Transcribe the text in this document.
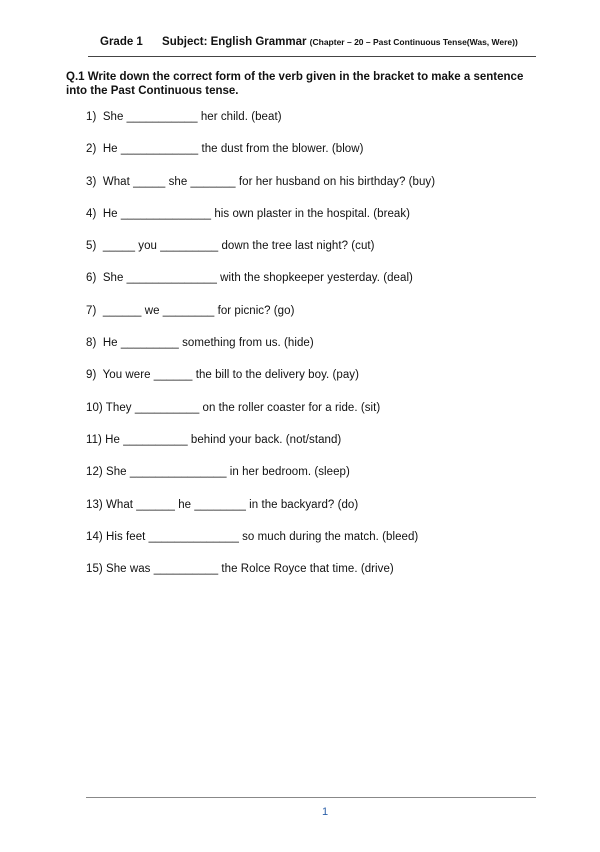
Grade 1 Subject: English Grammar (Chapter – 20 – Past Continuous Tense(Was, Were))
Q.1 Write down the correct form of the verb given in the bracket to make a sentence into the Past Continuous tense.
1)  She ___________ her child. (beat)
2)  He ____________ the dust from the blower. (blow)
3)  What _____ she _______ for her husband on his birthday? (buy)
4)  He ______________ his own plaster in the hospital. (break)
5)  _____ you _________ down the tree last night? (cut)
6)  She ______________ with the shopkeeper yesterday. (deal)
7)  ______ we ________ for picnic? (go)
8)  He _________ something from us. (hide)
9)  You were ______ the bill to the delivery boy. (pay)
10) They __________ on the roller coaster for a ride. (sit)
11) He __________ behind your back. (not/stand)
12) She _______________ in her bedroom. (sleep)
13) What ______ he ________ in the backyard? (do)
14) His feet ______________ so much during the match. (bleed)
15) She was __________ the Rolce Royce that time. (drive)
1
